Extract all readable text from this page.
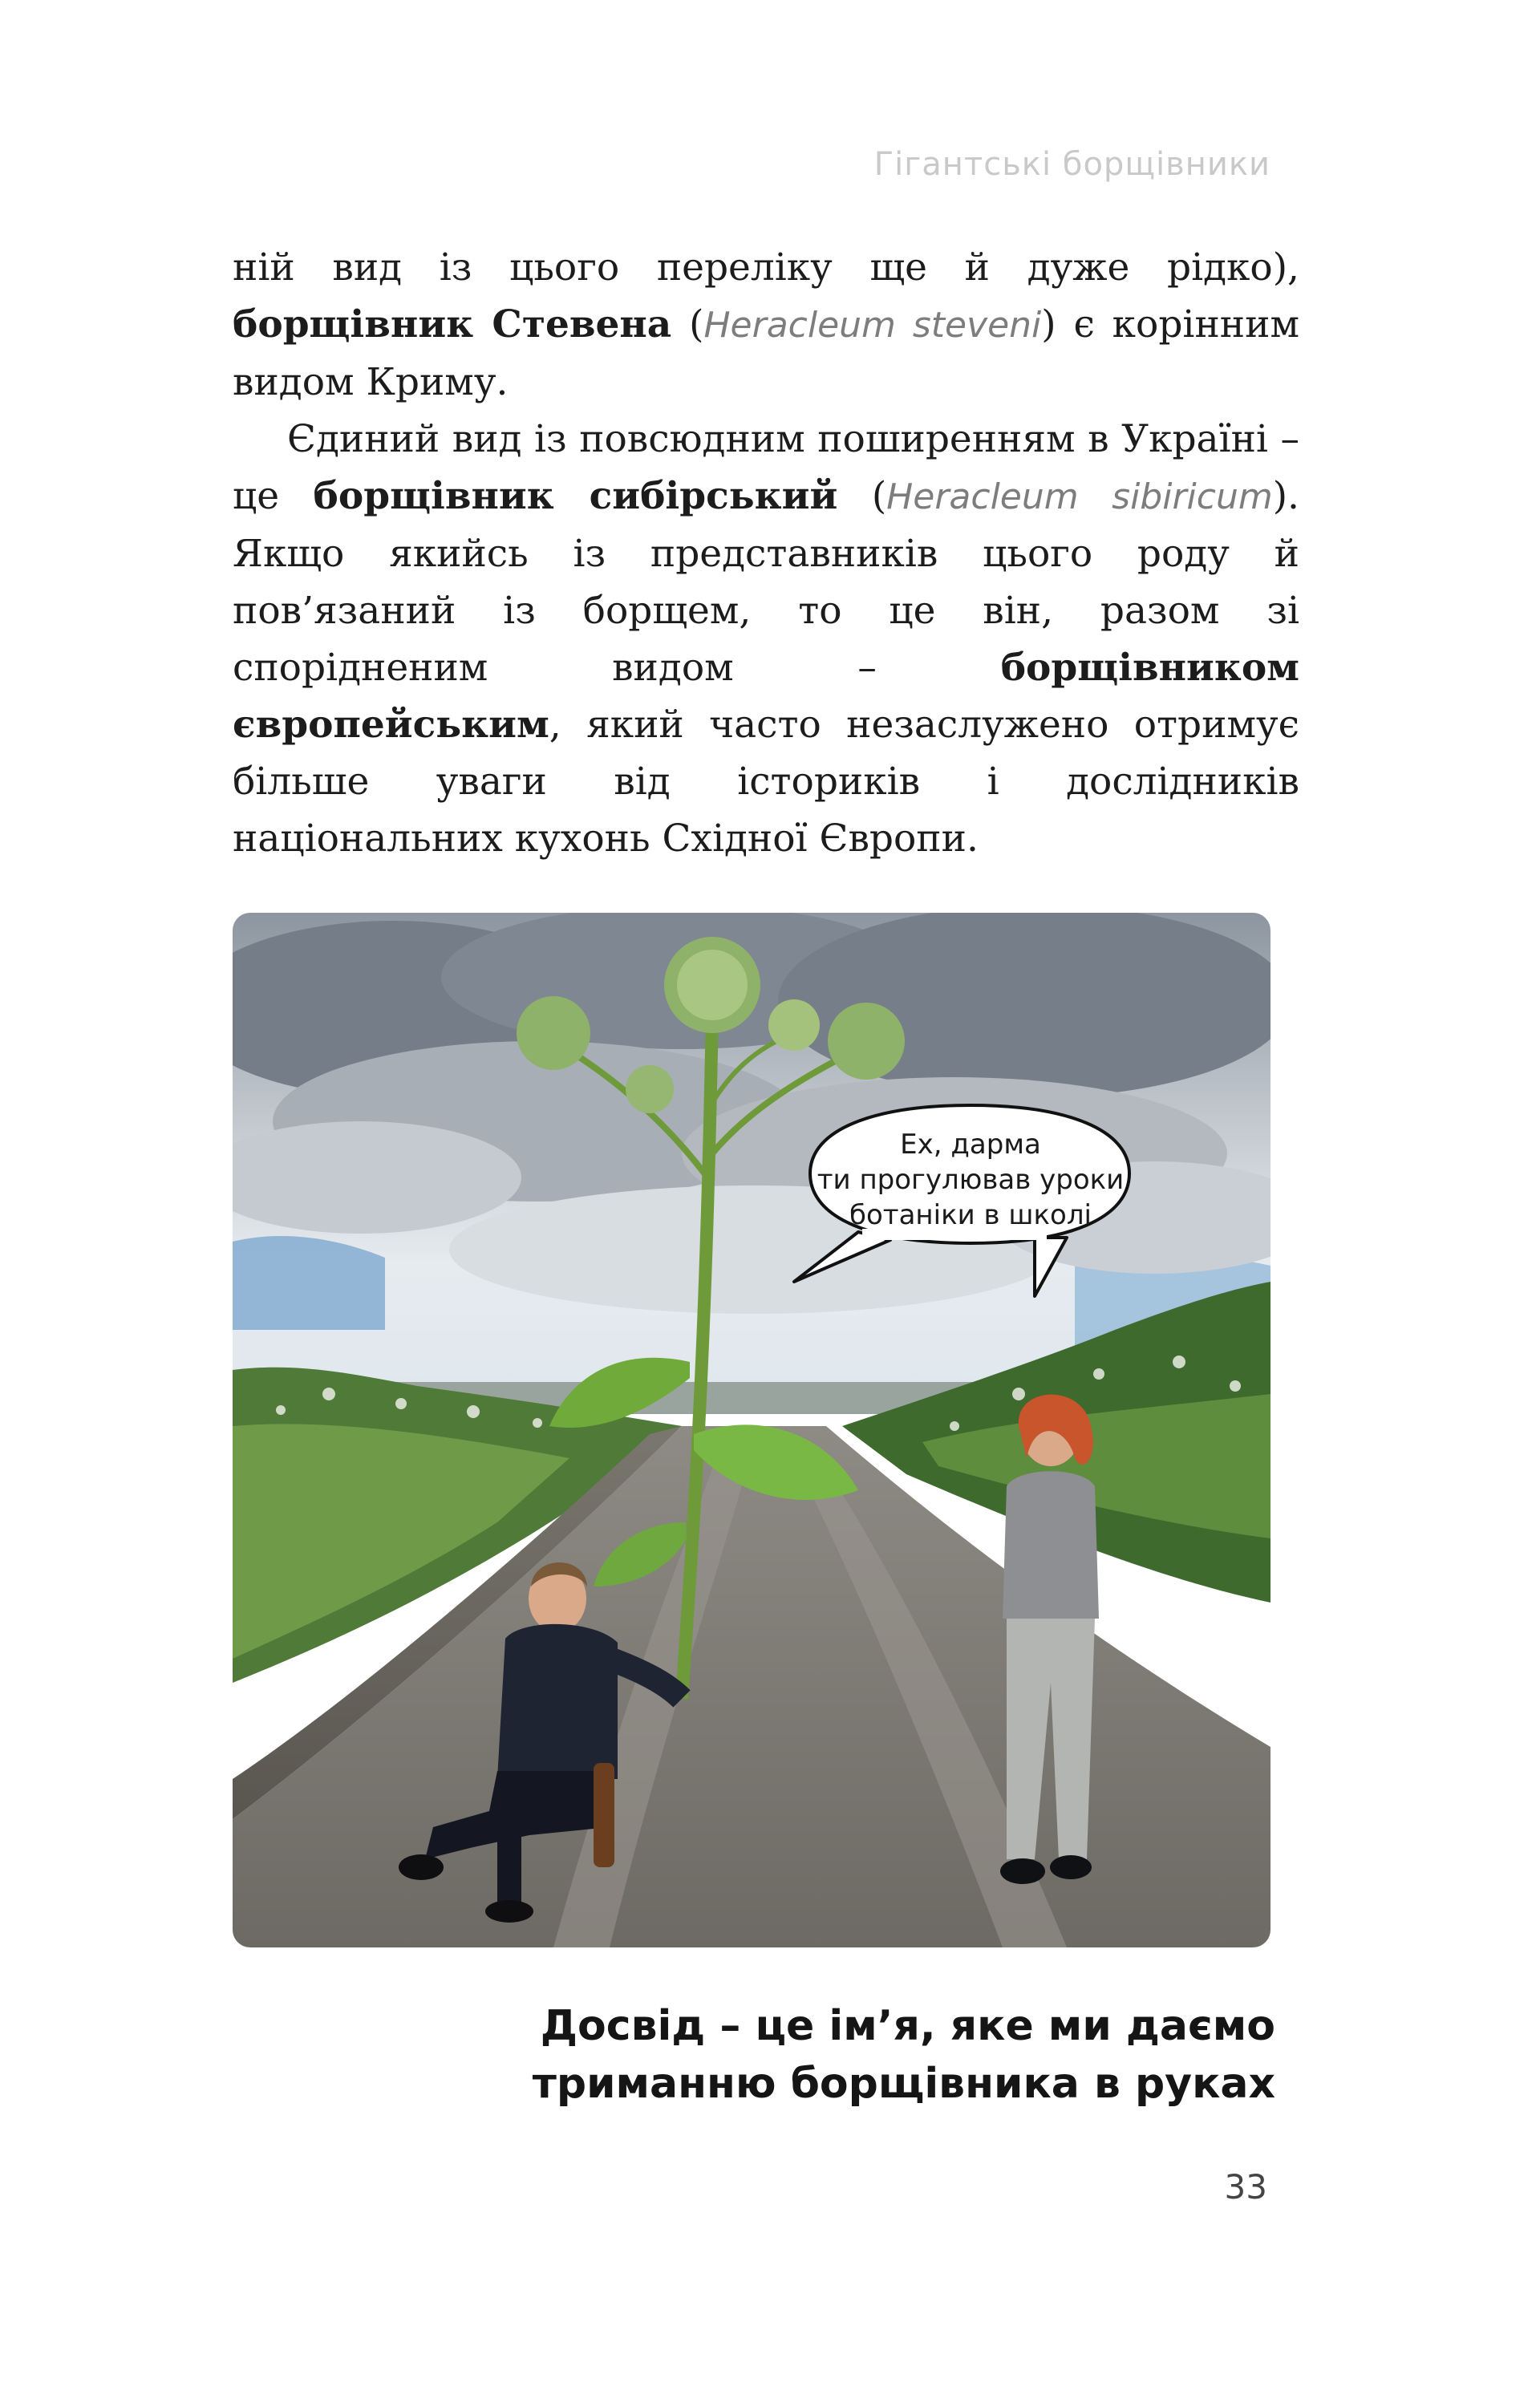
Гігантські борщівники

ній вид із цього переліку ще й дуже рідко), борщівник Стевена (Heracleum steveni) є корінним видом Криму.

Єдиний вид із повсюдним поширенням в Україні – це борщівник сибірський (Heracleum sibiricum). Якщо якийсь із представників цього роду й пов’язаний із борщем, то це він, разом зі спорідненим видом – борщівником європейським, який часто незаслужено отримує більше уваги від істориків і дослідників національних кухонь Східної Європи.

Ех, дарма
ти прогулював уроки
ботаніки в школі
Досвід – це ім’я, яке ми даємо
триманню борщівника в руках
33
